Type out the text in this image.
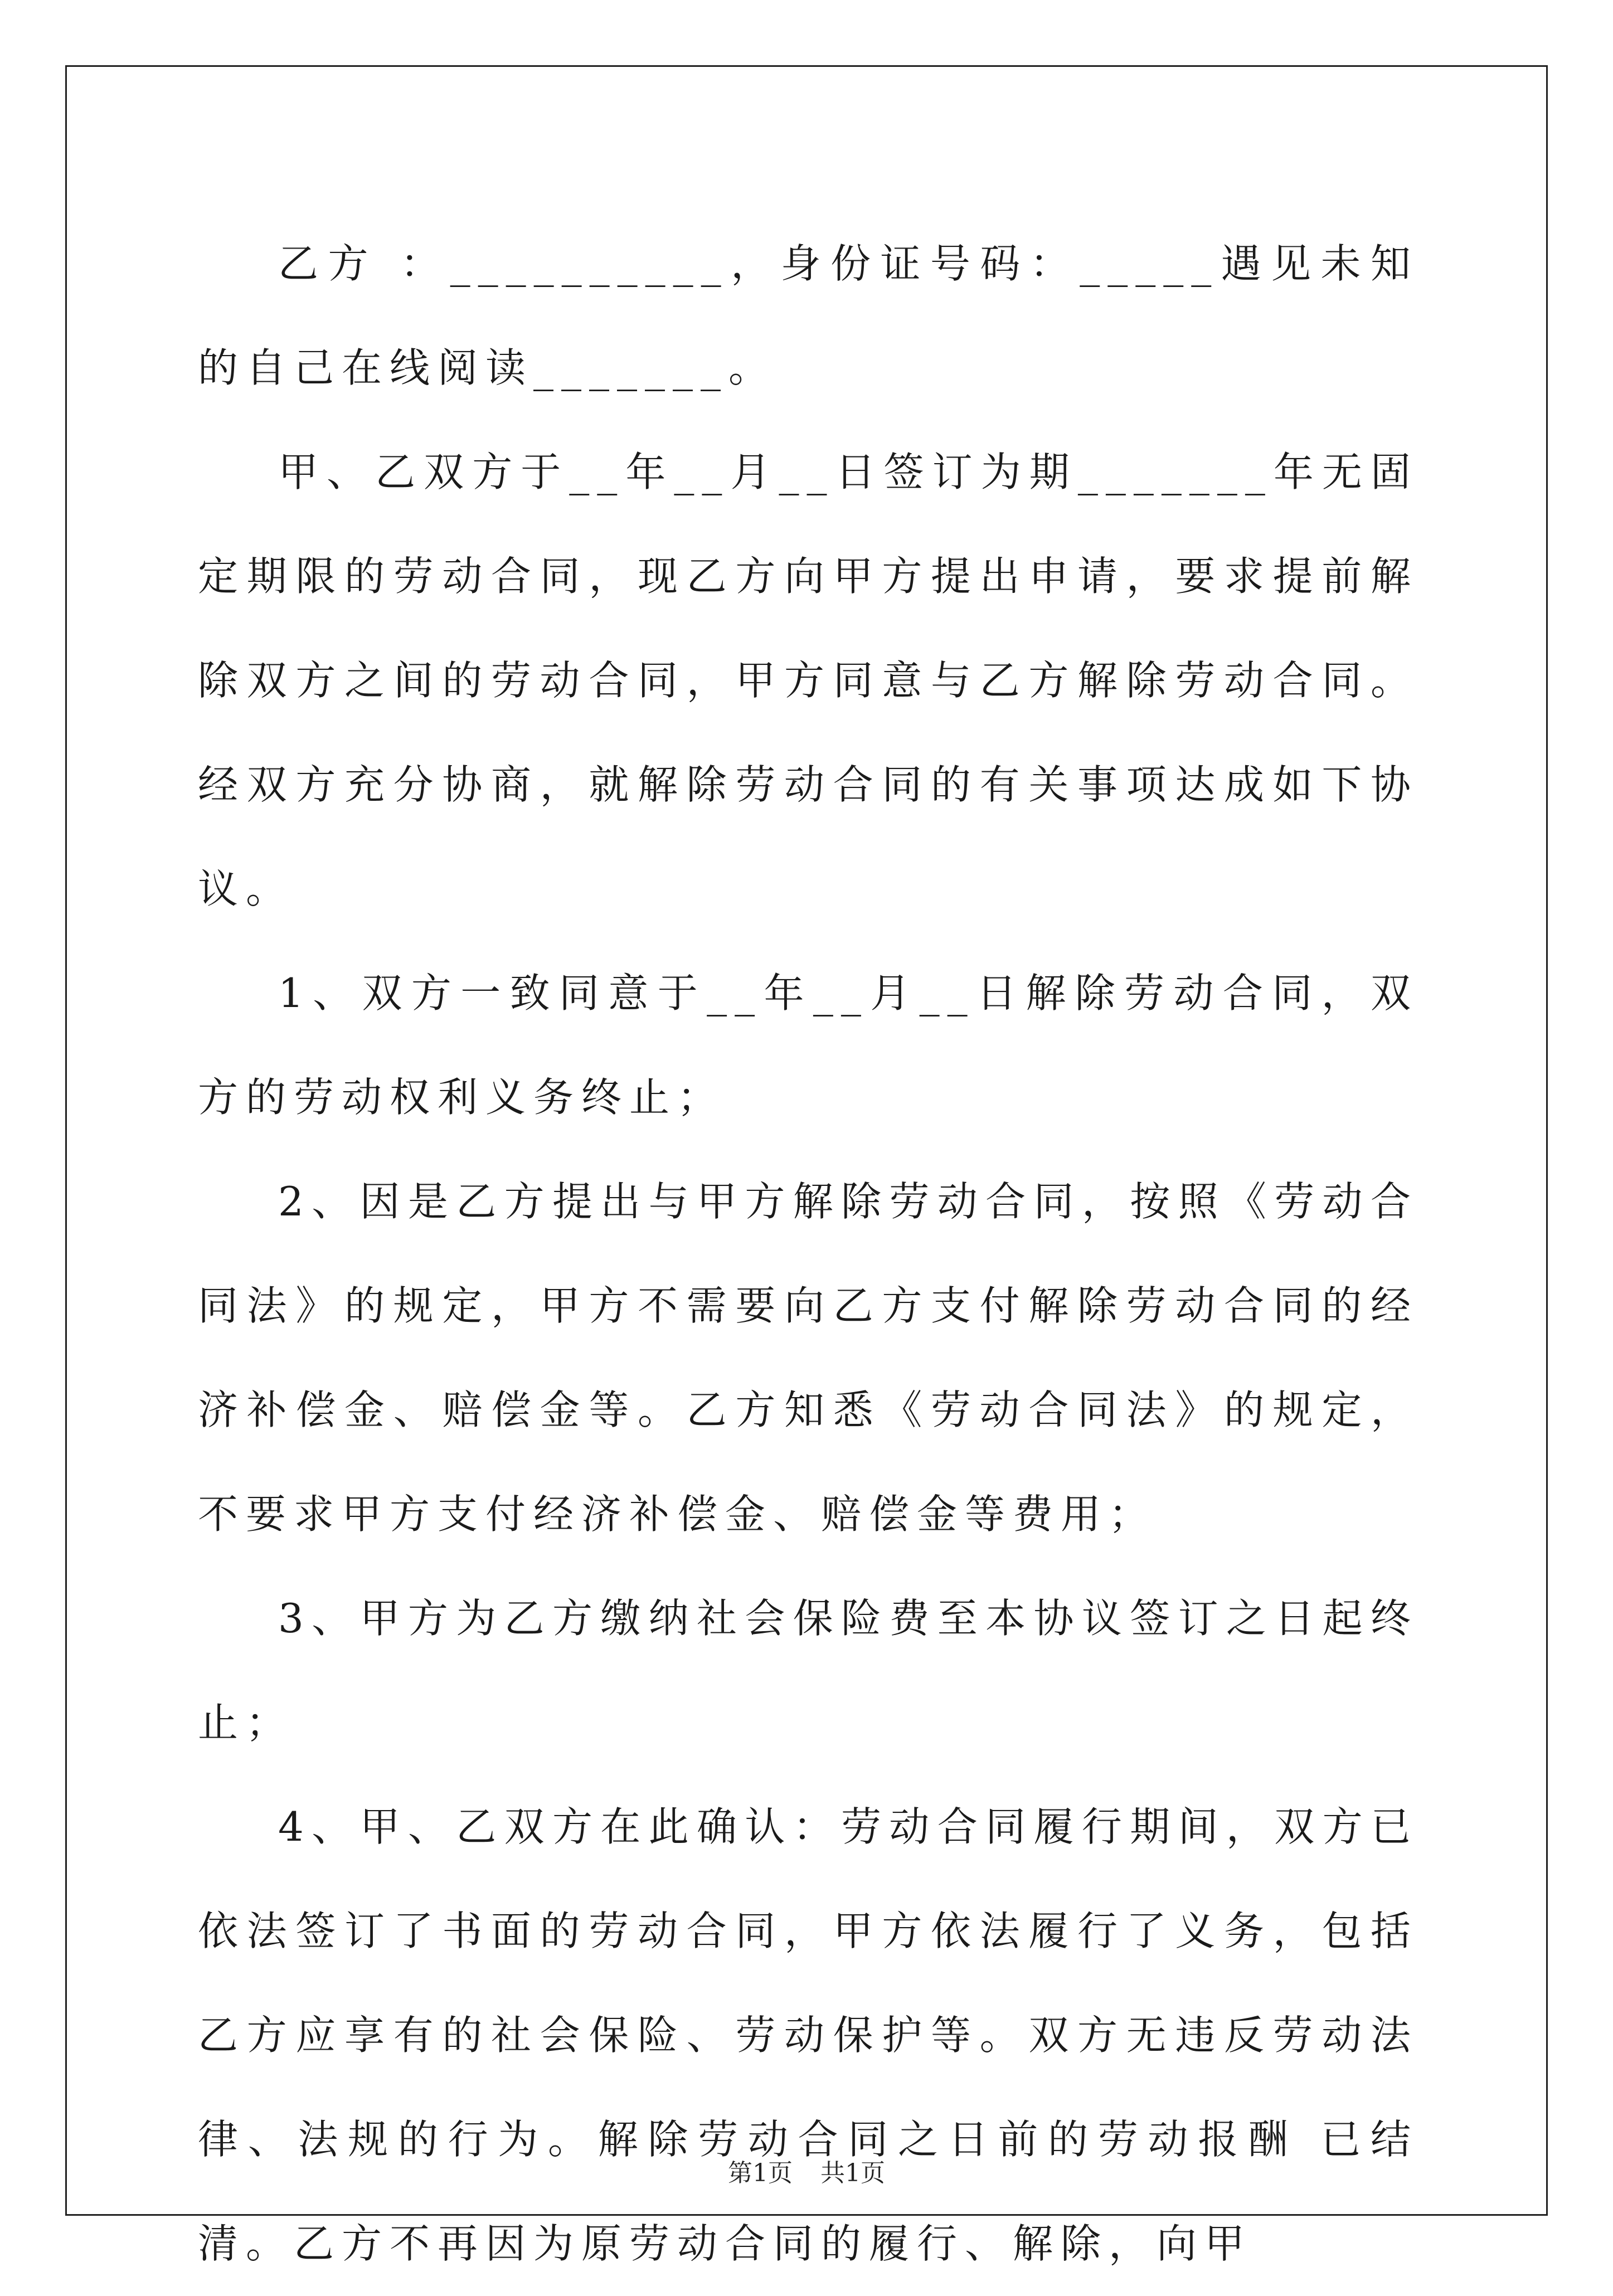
乙方 ：__________，身份证号码：_____遇见未知的自己在线阅读_______。

甲、乙双方于__年__月__日签订为期_______年无固定期限的劳动合同，现乙方向甲方提出申请，要求提前解除双方之间的劳动合同，甲方同意与乙方解除劳动合同。经双方充分协商，就解除劳动合同的有关事项达成如下协议。

1、双方一致同意于__年__月__日解除劳动合同，双方的劳动权利义务终止；

2、因是乙方提出与甲方解除劳动合同，按照《劳动合同法》的规定，甲方不需要向乙方支付解除劳动合同的经济补偿金、赔偿金等。乙方知悉《劳动合同法》的规定，不要求甲方支付经济补偿金、赔偿金等费用；

3、甲方为乙方缴纳社会保险费至本协议签订之日起终止；

4、甲、乙双方在此确认：劳动合同履行期间，双方已依法签订了书面的劳动合同，甲方依法履行了义务，包括乙方应享有的社会保险、劳动保护等。双方无违反劳动法律、法规的行为。解除劳动合同之日前的劳动报酬 已结清。乙方不再因为原劳动合同的履行、解除，向甲

第1页 共1页
